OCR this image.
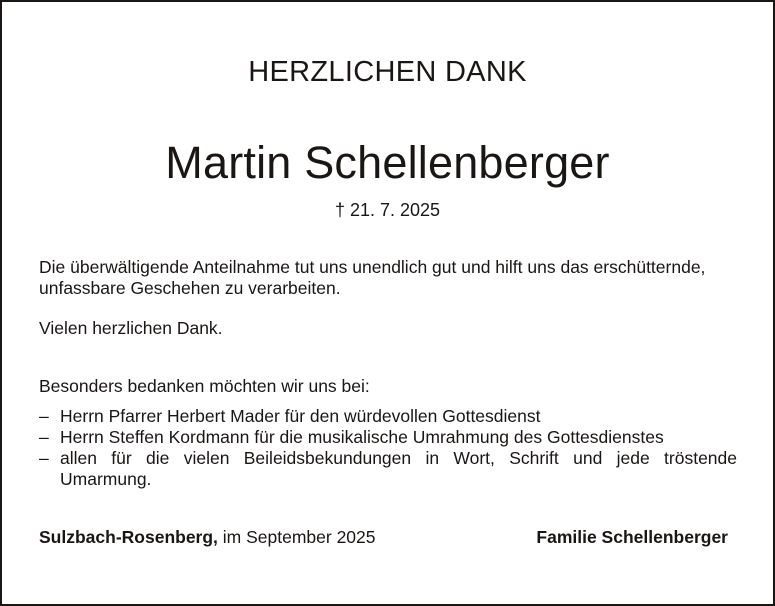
HERZLICHEN DANK
Martin Schellenberger
† 21. 7. 2025
Die überwältigende Anteilnahme tut uns unendlich gut und hilft uns das erschütternde, unfassbare Geschehen zu verarbeiten.
Vielen herzlichen Dank.
Besonders bedanken möchten wir uns bei:
– Herrn Pfarrer Herbert Mader für den würdevollen Gottesdienst
– Herrn Steffen Kordmann für die musikalische Umrahmung des Gottesdienstes
– allen für die vielen Beileidsbekundungen in Wort, Schrift und jede tröstende Umarmung.
Sulzbach-Rosenberg, im September 2025	Familie Schellenberger
